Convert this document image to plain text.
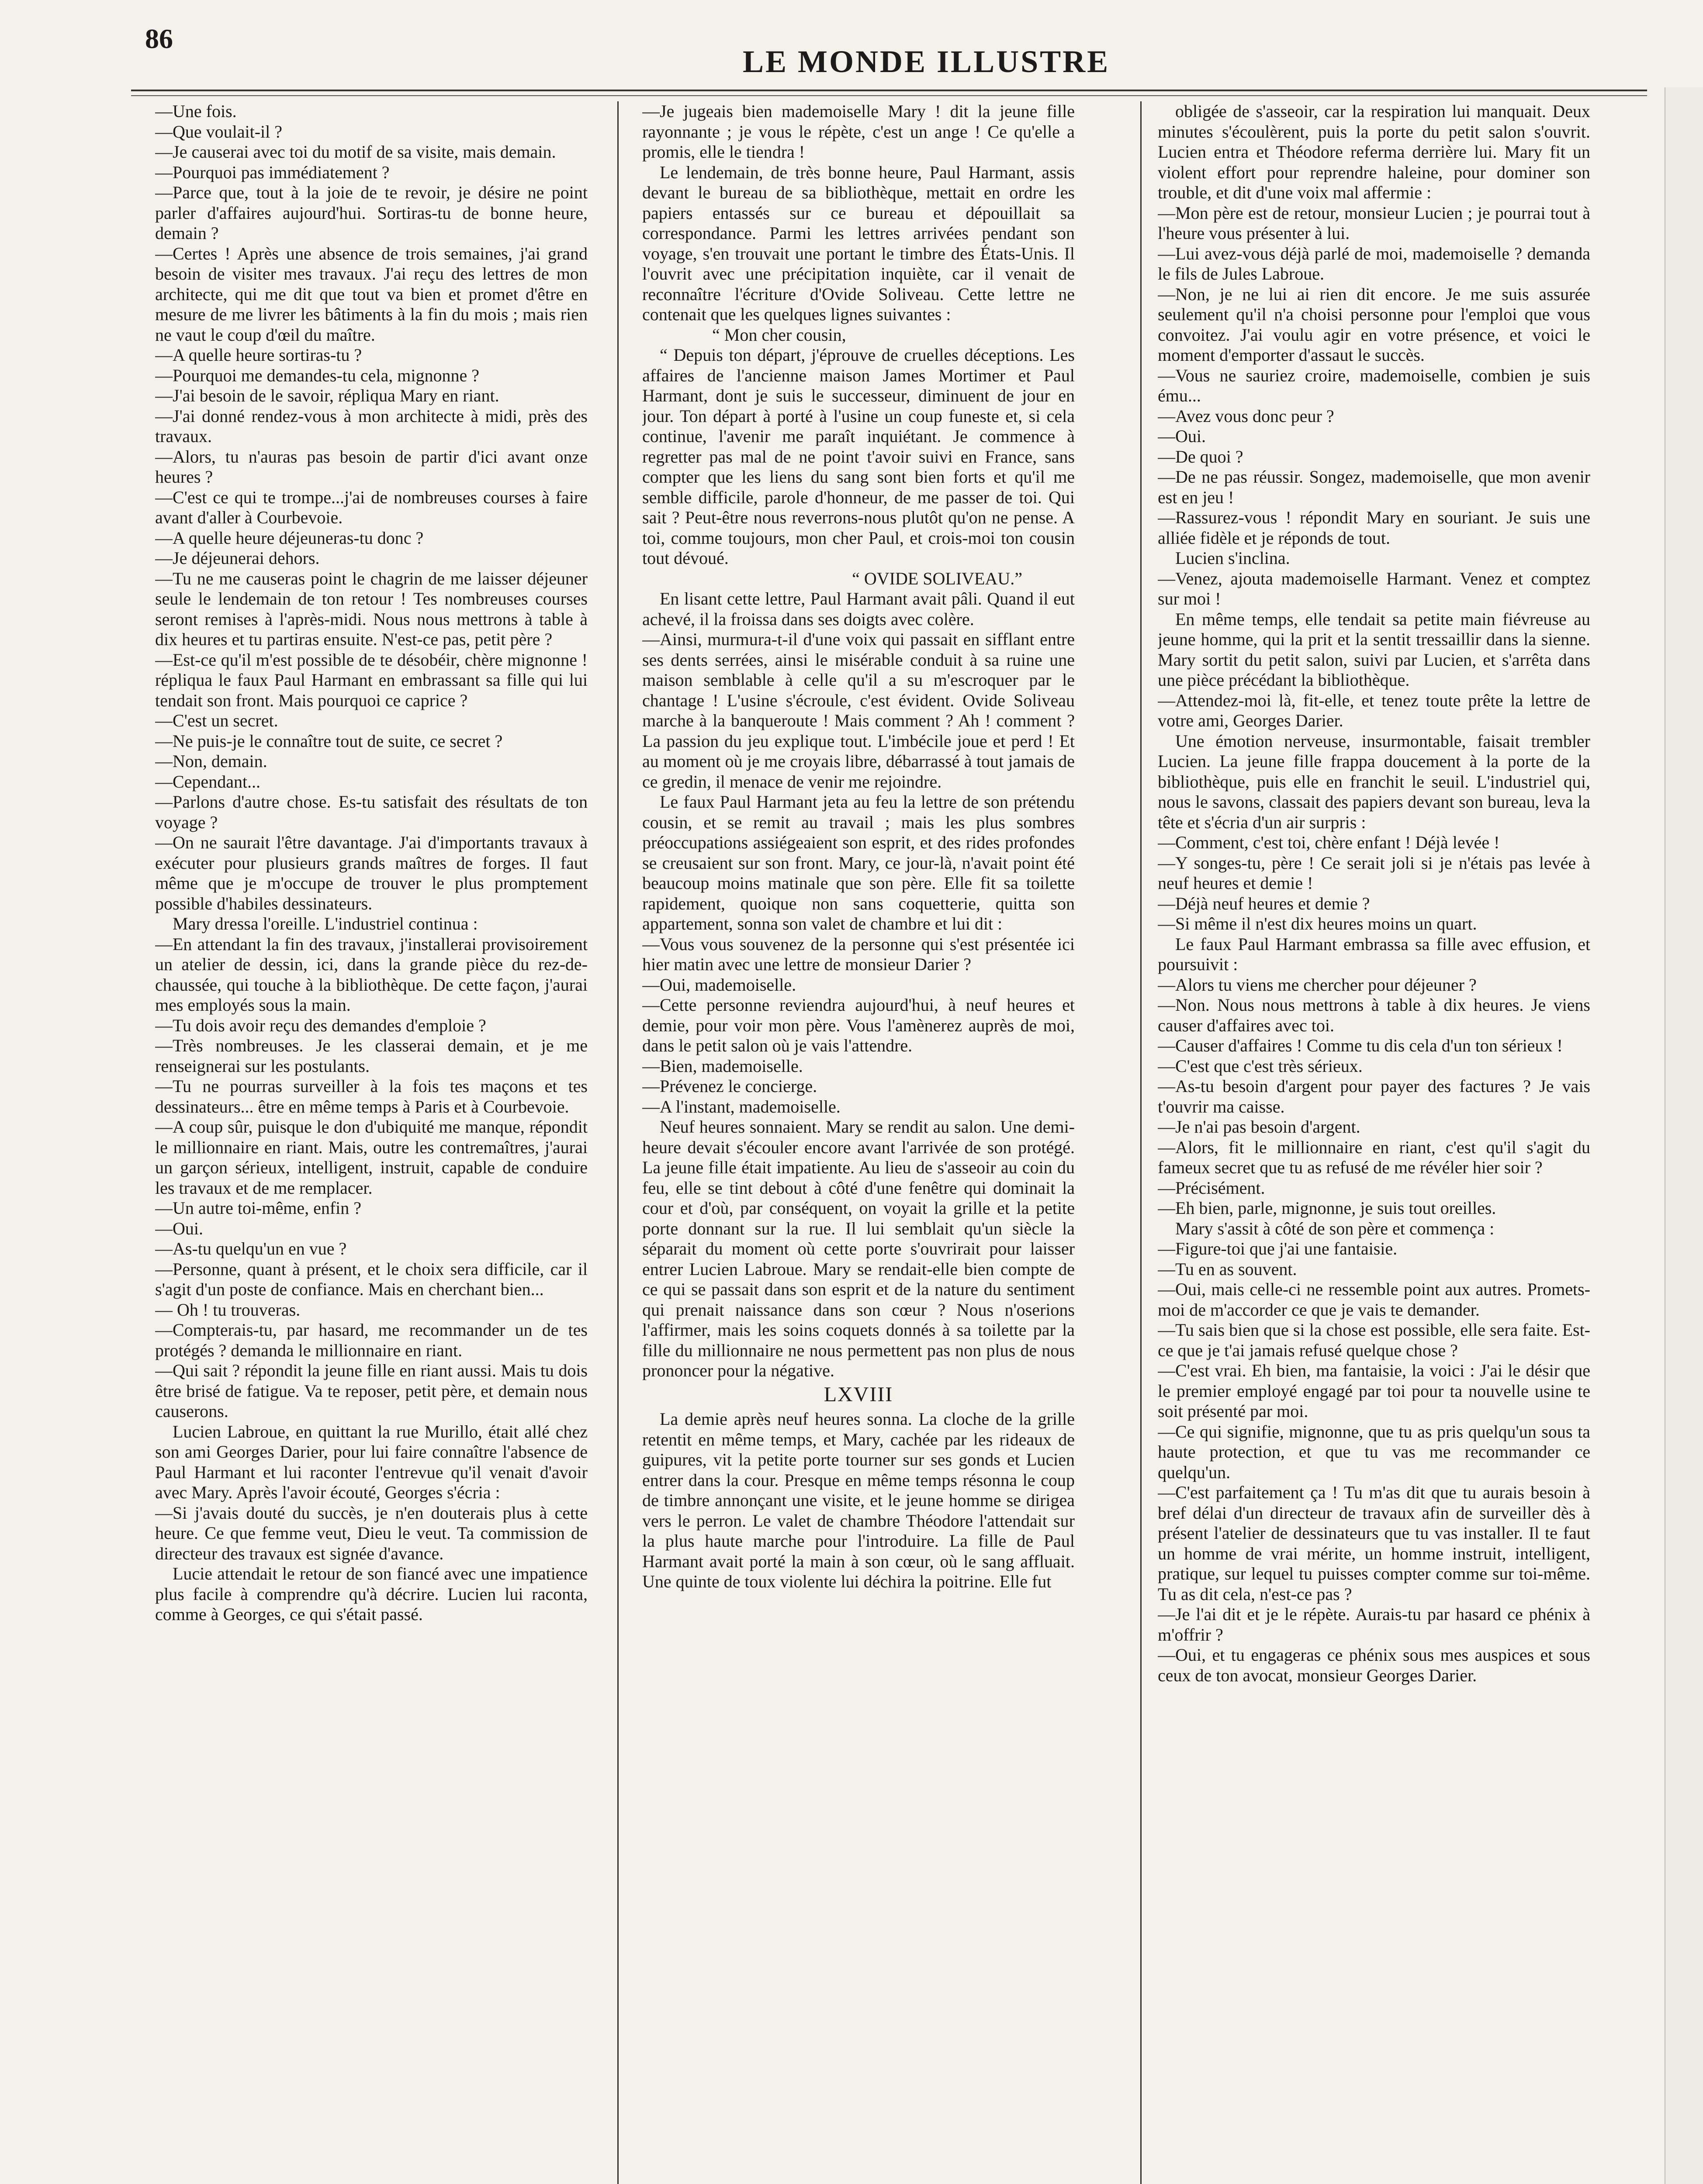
86
LE MONDE ILLUSTRE

—Une fois.

—Que voulait-il ?

—Je causerai avec toi du motif de sa visite, mais demain.

—Pourquoi pas immédiatement ?

—Parce que, tout à la joie de te revoir, je désire ne point parler d'affaires aujourd'hui. Sortiras-tu de bonne heure, demain ?

—Certes ! Après une absence de trois semaines, j'ai grand besoin de visiter mes travaux. J'ai reçu des lettres de mon architecte, qui me dit que tout va bien et promet d'être en mesure de me livrer les bâtiments à la fin du mois ; mais rien ne vaut le coup d'œil du maître.

—A quelle heure sortiras-tu ?

—Pourquoi me demandes-tu cela, mignonne ?

—J'ai besoin de le savoir, répliqua Mary en riant.

—J'ai donné rendez-vous à mon architecte à midi, près des travaux.

—Alors, tu n'auras pas besoin de partir d'ici avant onze heures ?

—C'est ce qui te trompe...j'ai de nombreuses courses à faire avant d'aller à Courbevoie.

—A quelle heure déjeuneras-tu donc ?

—Je déjeunerai dehors.

—Tu ne me causeras point le chagrin de me laisser déjeuner seule le lendemain de ton retour ! Tes nombreuses courses seront remises à l'après-midi. Nous nous mettrons à table à dix heures et tu partiras ensuite. N'est-ce pas, petit père ?

—Est-ce qu'il m'est possible de te désobéir, chère mignonne ! répliqua le faux Paul Harmant en embrassant sa fille qui lui tendait son front. Mais pourquoi ce caprice ?

—C'est un secret.

—Ne puis-je le connaître tout de suite, ce secret ?

—Non, demain.

—Cependant...

—Parlons d'autre chose. Es-tu satisfait des résultats de ton voyage ?

—On ne saurait l'être davantage. J'ai d'importants travaux à exécuter pour plusieurs grands maîtres de forges. Il faut même que je m'occupe de trouver le plus promptement possible d'habiles dessinateurs.

Mary dressa l'oreille. L'industriel continua :

—En attendant la fin des travaux, j'installerai provisoirement un atelier de dessin, ici, dans la grande pièce du rez-de-chaussée, qui touche à la bibliothèque. De cette façon, j'aurai mes employés sous la main.

—Tu dois avoir reçu des demandes d'emploie ?

—Très nombreuses. Je les classerai demain, et je me renseignerai sur les postulants.

—Tu ne pourras surveiller à la fois tes maçons et tes dessinateurs... être en même temps à Paris et à Courbevoie.

—A coup sûr, puisque le don d'ubiquité me manque, répondit le millionnaire en riant. Mais, outre les contremaîtres, j'aurai un garçon sérieux, intelligent, instruit, capable de conduire les travaux et de me remplacer.

—Un autre toi-même, enfin ?

—Oui.

—As-tu quelqu'un en vue ?

—Personne, quant à présent, et le choix sera difficile, car il s'agit d'un poste de confiance. Mais en cherchant bien...

— Oh ! tu trouveras.

—Compterais-tu, par hasard, me recommander un de tes protégés ? demanda le millionnaire en riant.

—Qui sait ? répondit la jeune fille en riant aussi. Mais tu dois être brisé de fatigue. Va te reposer, petit père, et demain nous causerons.

Lucien Labroue, en quittant la rue Murillo, était allé chez son ami Georges Darier, pour lui faire connaître l'absence de Paul Harmant et lui raconter l'entrevue qu'il venait d'avoir avec Mary. Après l'avoir écouté, Georges s'écria :

—Si j'avais douté du succès, je n'en douterais plus à cette heure. Ce que femme veut, Dieu le veut. Ta commission de directeur des travaux est signée d'avance.

Lucie attendait le retour de son fiancé avec une impatience plus facile à comprendre qu'à décrire. Lucien lui raconta, comme à Georges, ce qui s'était passé.

—Je jugeais bien mademoiselle Mary ! dit la jeune fille rayonnante ; je vous le répète, c'est un ange ! Ce qu'elle a promis, elle le tiendra !

Le lendemain, de très bonne heure, Paul Harmant, assis devant le bureau de sa bibliothèque, mettait en ordre les papiers entassés sur ce bureau et dépouillait sa correspondance. Parmi les lettres arrivées pendant son voyage, s'en trouvait une portant le timbre des États-Unis. Il l'ouvrit avec une précipitation inquiète, car il venait de reconnaître l'écriture d'Ovide Soliveau. Cette lettre ne contenait que les quelques lignes suivantes :

“ Mon cher cousin,

“ Depuis ton départ, j'éprouve de cruelles déceptions. Les affaires de l'ancienne maison James Mortimer et Paul Harmant, dont je suis le successeur, diminuent de jour en jour. Ton départ à porté à l'usine un coup funeste et, si cela continue, l'avenir me paraît inquiétant. Je commence à regretter pas mal de ne point t'avoir suivi en France, sans compter que les liens du sang sont bien forts et qu'il me semble difficile, parole d'honneur, de me passer de toi. Qui sait ? Peut-être nous reverrons-nous plutôt qu'on ne pense. A toi, comme toujours, mon cher Paul, et crois-moi ton cousin tout dévoué.

“ OVIDE SOLIVEAU.”

En lisant cette lettre, Paul Harmant avait pâli. Quand il eut achevé, il la froissa dans ses doigts avec colère.

—Ainsi, murmura-t-il d'une voix qui passait en sifflant entre ses dents serrées, ainsi le misérable conduit à sa ruine une maison semblable à celle qu'il a su m'escroquer par le chantage ! L'usine s'écroule, c'est évident. Ovide Soliveau marche à la banqueroute ! Mais comment ? Ah ! comment ? La passion du jeu explique tout. L'imbécile joue et perd ! Et au moment où je me croyais libre, débarrassé à tout jamais de ce gredin, il menace de venir me rejoindre.

Le faux Paul Harmant jeta au feu la lettre de son prétendu cousin, et se remit au travail ; mais les plus sombres préoccupations assiégeaient son esprit, et des rides profondes se creusaient sur son front. Mary, ce jour-là, n'avait point été beaucoup moins matinale que son père. Elle fit sa toilette rapidement, quoique non sans coquetterie, quitta son appartement, sonna son valet de chambre et lui dit :

—Vous vous souvenez de la personne qui s'est présentée ici hier matin avec une lettre de monsieur Darier ?

—Oui, mademoiselle.

—Cette personne reviendra aujourd'hui, à neuf heures et demie, pour voir mon père. Vous l'amènerez auprès de moi, dans le petit salon où je vais l'attendre.

—Bien, mademoiselle.

—Prévenez le concierge.

—A l'instant, mademoiselle.

Neuf heures sonnaient. Mary se rendit au salon. Une demi-heure devait s'écouler encore avant l'arrivée de son protégé. La jeune fille était impatiente. Au lieu de s'asseoir au coin du feu, elle se tint debout à côté d'une fenêtre qui dominait la cour et d'où, par conséquent, on voyait la grille et la petite porte donnant sur la rue. Il lui semblait qu'un siècle la séparait du moment où cette porte s'ouvrirait pour laisser entrer Lucien Labroue. Mary se rendait-elle bien compte de ce qui se passait dans son esprit et de la nature du sentiment qui prenait naissance dans son cœur ? Nous n'oserions l'affirmer, mais les soins coquets donnés à sa toilette par la fille du millionnaire ne nous permettent pas non plus de nous prononcer pour la négative.

LXVIII

La demie après neuf heures sonna. La cloche de la grille retentit en même temps, et Mary, cachée par les rideaux de guipures, vit la petite porte tourner sur ses gonds et Lucien entrer dans la cour. Presque en même temps résonna le coup de timbre annonçant une visite, et le jeune homme se dirigea vers le perron. Le valet de chambre Théodore l'attendait sur la plus haute marche pour l'introduire. La fille de Paul Harmant avait porté la main à son cœur, où le sang affluait. Une quinte de toux violente lui déchira la poitrine. Elle fut

obligée de s'asseoir, car la respiration lui manquait. Deux minutes s'écoulèrent, puis la porte du petit salon s'ouvrit. Lucien entra et Théodore referma derrière lui. Mary fit un violent effort pour reprendre haleine, pour dominer son trouble, et dit d'une voix mal affermie :

—Mon père est de retour, monsieur Lucien ; je pourrai tout à l'heure vous présenter à lui.

—Lui avez-vous déjà parlé de moi, mademoiselle ? demanda le fils de Jules Labroue.

—Non, je ne lui ai rien dit encore. Je me suis assurée seulement qu'il n'a choisi personne pour l'emploi que vous convoitez. J'ai voulu agir en votre présence, et voici le moment d'emporter d'assaut le succès.

—Vous ne sauriez croire, mademoiselle, combien je suis ému...

—Avez vous donc peur ?

—Oui.

—De quoi ?

—De ne pas réussir. Songez, mademoiselle, que mon avenir est en jeu !

—Rassurez-vous ! répondit Mary en souriant. Je suis une alliée fidèle et je réponds de tout.

Lucien s'inclina.

—Venez, ajouta mademoiselle Harmant. Venez et comptez sur moi !

En même temps, elle tendait sa petite main fiévreuse au jeune homme, qui la prit et la sentit tressaillir dans la sienne. Mary sortit du petit salon, suivi par Lucien, et s'arrêta dans une pièce précédant la bibliothèque.

—Attendez-moi là, fit-elle, et tenez toute prête la lettre de votre ami, Georges Darier.

Une émotion nerveuse, insurmontable, faisait trembler Lucien. La jeune fille frappa doucement à la porte de la bibliothèque, puis elle en franchit le seuil. L'industriel qui, nous le savons, classait des papiers devant son bureau, leva la tête et s'écria d'un air surpris :

—Comment, c'est toi, chère enfant ! Déjà levée !

—Y songes-tu, père ! Ce serait joli si je n'étais pas levée à neuf heures et demie !

—Déjà neuf heures et demie ?

—Si même il n'est dix heures moins un quart.

Le faux Paul Harmant embrassa sa fille avec effusion, et poursuivit :

—Alors tu viens me chercher pour déjeuner ?

—Non. Nous nous mettrons à table à dix heures. Je viens causer d'affaires avec toi.

—Causer d'affaires ! Comme tu dis cela d'un ton sérieux !

—C'est que c'est très sérieux.

—As-tu besoin d'argent pour payer des factures ? Je vais t'ouvrir ma caisse.

—Je n'ai pas besoin d'argent.

—Alors, fit le millionnaire en riant, c'est qu'il s'agit du fameux secret que tu as refusé de me révéler hier soir ?

—Précisément.

—Eh bien, parle, mignonne, je suis tout oreilles.

Mary s'assit à côté de son père et commença :

—Figure-toi que j'ai une fantaisie.

—Tu en as souvent.

—Oui, mais celle-ci ne ressemble point aux autres. Promets-moi de m'accorder ce que je vais te demander.

—Tu sais bien que si la chose est possible, elle sera faite. Est-ce que je t'ai jamais refusé quelque chose ?

—C'est vrai. Eh bien, ma fantaisie, la voici : J'ai le désir que le premier employé engagé par toi pour ta nouvelle usine te soit présenté par moi.

—Ce qui signifie, mignonne, que tu as pris quelqu'un sous ta haute protection, et que tu vas me recommander ce quelqu'un.

—C'est parfaitement ça ! Tu m'as dit que tu aurais besoin à bref délai d'un directeur de travaux afin de surveiller dès à présent l'atelier de dessinateurs que tu vas installer. Il te faut un homme de vrai mérite, un homme instruit, intelligent, pratique, sur lequel tu puisses compter comme sur toi-même. Tu as dit cela, n'est-ce pas ?

—Je l'ai dit et je le répète. Aurais-tu par hasard ce phénix à m'offrir ?

—Oui, et tu engageras ce phénix sous mes auspices et sous ceux de ton avocat, monsieur Georges Darier.
